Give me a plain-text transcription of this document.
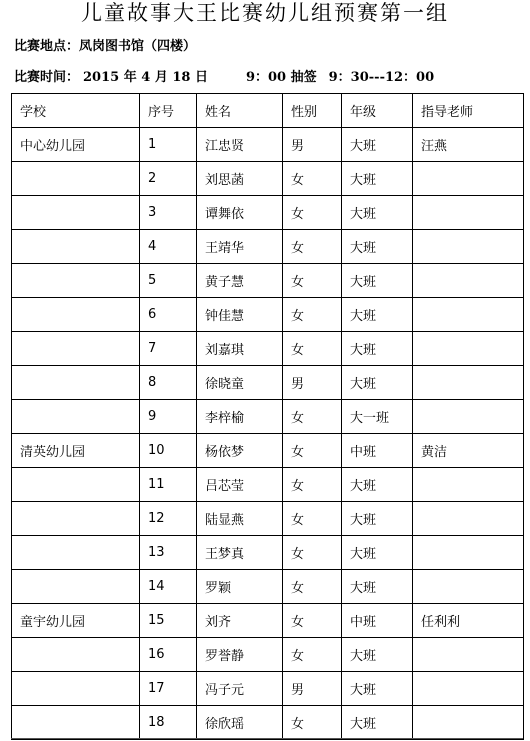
儿童故事大王比赛幼儿组预赛第一组
比赛地点：凤岗图书馆（四楼）
比赛时间： 2015 年 4 月 18 日	9：00 抽签 9：30---12：00
学校	序号	姓名	性别	年级	指导老师
中心幼儿园	1	江忠贤	男	大班	汪燕
	2	刘思菡	女	大班	
	3	谭舞依	女	大班	
	4	王靖华	女	大班	
	5	黄子慧	女	大班	
	6	钟佳慧	女	大班	
	7	刘嘉琪	女	大班	
	8	徐晓童	男	大班	
	9	李梓榆	女	大一班	
清英幼儿园	10	杨依梦	女	中班	黄洁
	11	吕芯莹	女	大班	
	12	陆显燕	女	大班	
	13	王梦真	女	大班	
	14	罗颖	女	大班	
童宇幼儿园	15	刘齐	女	中班	任利利
	16	罗誉静	女	大班	
	17	冯子元	男	大班	
	18	徐欣瑶	女	大班	
